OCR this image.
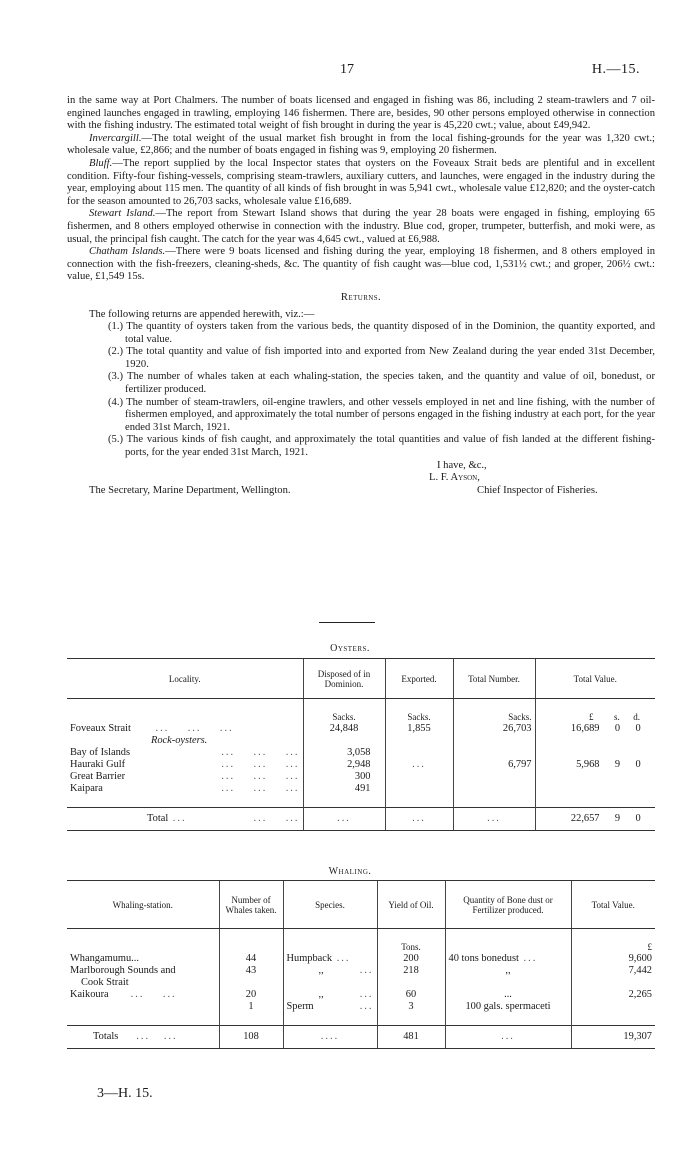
17	H.—15.

in the same way at Port Chalmers. The number of boats licensed and engaged in fishing was 86, including 2 steam-trawlers and 7 oil-engined launches engaged in trawling, employing 146 fishermen. There are, besides, 90 other persons employed otherwise in connection with the fishing industry. The estimated total weight of fish brought in during the year is 45,220 cwt.; value, about £49,942.

Invercargill.—The total weight of the usual market fish brought in from the local fishing-grounds for the year was 1,320 cwt.; wholesale value, £2,866; and the number of boats engaged in fishing was 9, employing 20 fishermen.

Bluff.—The report supplied by the local Inspector states that oysters on the Foveaux Strait beds are plentiful and in excellent condition. Fifty-four fishing-vessels, comprising steam-trawlers, auxiliary cutters, and launches, were engaged in the industry during the year, employing about 115 men. The quantity of all kinds of fish brought in was 5,941 cwt., wholesale value £12,820; and the oyster-catch for the season amounted to 26,703 sacks, wholesale value £16,689.

Stewart Island.—The report from Stewart Island shows that during the year 28 boats were engaged in fishing, employing 65 fishermen, and 8 others employed otherwise in connection with the industry. Blue cod, groper, trumpeter, butterfish, and moki were, as usual, the principal fish caught. The catch for the year was 4,645 cwt., valued at £6,988.

Chatham Islands.—There were 9 boats licensed and fishing during the year, employing 18 fishermen, and 8 others employed in connection with the fish-freezers, cleaning-sheds, &c. The quantity of fish caught was—blue cod, 1,531½ cwt.; and groper, 206½ cwt.: value, £1,549 15s.

Returns.

The following returns are appended herewith, viz.:—

(1.) The quantity of oysters taken from the various beds, the quantity disposed of in the Dominion, the quantity exported, and total value.
(2.) The total quantity and value of fish imported into and exported from New Zealand during the year ended 31st December, 1920.
(3.) The number of whales taken at each whaling-station, the species taken, and the quantity and value of oil, bonedust, or fertilizer produced.
(4.) The number of steam-trawlers, oil-engine trawlers, and other vessels employed in net and line fishing, with the number of fishermen employed, and approximately the total number of persons engaged in the fishing industry at each port, for the year ended 31st March, 1921.
(5.) The various kinds of fish caught, and approximately the total quantities and value of fish landed at the different fishing-ports, for the year ended 31st March, 1921.
I have, &c.,
L. F. Ayson,
The Secretary, Marine Department, Wellington.	Chief Inspector of Fisheries.
Oysters.
Locality.	Disposed of in Dominion.	Exported.	Total Number.	Total Value.

	Sacks.	Sacks.	Sacks.	£ s. d.
Foveaux Strait ...    ...    ...	24,848	1,855	26,703	16,689 0 0
Rock-oysters.				
Bay of Islands ...    ...    ...	3,058			
Hauraki Gulf ...    ...    ...	2,948	...	6,797	5,968 9 0
Great Barrier ...    ...    ...	300			
Kaipara ...    ...    ...	491			

Total ... ...    ...	...	...	...	22,657 9 0
Whaling.
Whaling-station.	Number of Whales taken.	Species.	Yield of Oil.	Quantity of Bone dust or Fertilizer produced.	Total Value.

			Tons.		£
Whangamumu...	44	Humpback ...	200	40 tons bonedust ...	9,600
Marlborough Sounds and	43	,, ...	218	,,	7,442
Cook Strait					
Kaikoura ...    ...	20	,, ...	60	...	2,265
	1	Sperm ...	3	100 gals. spermaceti	

Totals ...   ...	108	....	481	...	19,307
3—H. 15.
